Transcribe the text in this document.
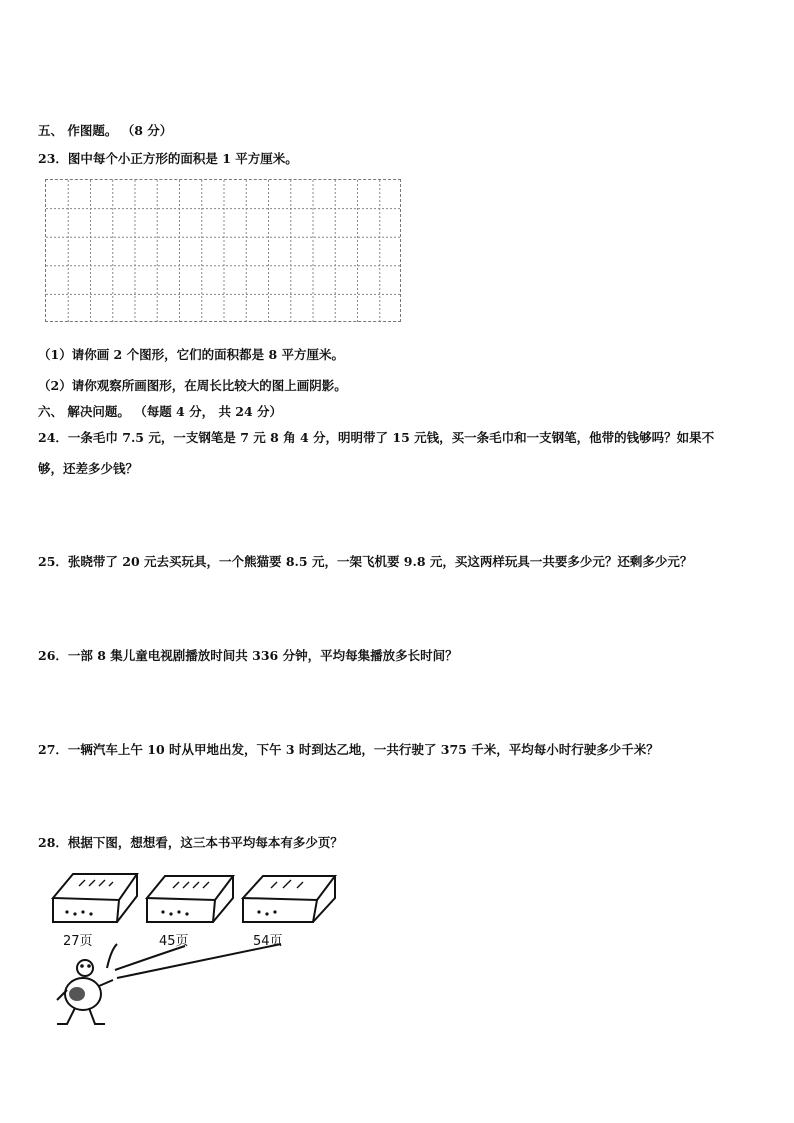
五、 作图题。 （8 分）
23．图中每个小正方形的面积是 1 平方厘米。
（1）请你画 2 个图形，它们的面积都是 8 平方厘米。
（2）请你观察所画图形，在周长比较大的图上画阴影。
六、 解决问题。 （每题 4 分， 共 24 分）
24．一条毛巾 7.5 元，一支钢笔是 7 元 8 角 4 分，明明带了 15 元钱，买一条毛巾和一支钢笔，他带的钱够吗？如果不
够，还差多少钱？
25．张晓带了 20 元去买玩具，一个熊猫要 8.5 元，一架飞机要 9.8 元，买这两样玩具一共要多少元？还剩多少元？
26．一部 8 集儿童电视剧播放时间共 336 分钟，平均每集播放多长时间？
27．一辆汽车上午 10 时从甲地出发，下午 3 时到达乙地，一共行驶了 375 千米，平均每小时行驶多少千米？
28．根据下图，想想看，这三本书平均每本有多少页？
27页	45页	54页
